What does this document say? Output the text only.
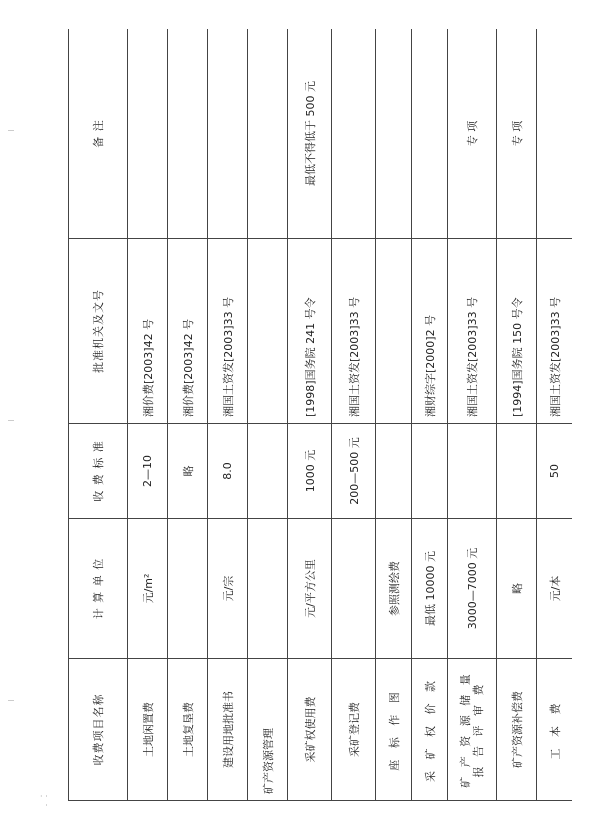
收费项目名称	计 算 单 位	收 费 标 准	批准机关及文号	备 注
土地闲置费	元/m²	2—10	湘价费[2003]42 号	
土地复垦费		略	湘价费[2003]42 号	
建设用地批准书	元/宗	8.0	湘国土资发[2003]33 号	
矿产资源管理				
采矿权使用费	元/平方公里	1000 元	[1998]国务院 241 号令	最低不得低于 500 元
采矿登记费		200—500 元	湘国土资发[2003]33 号	
座 标 作 图	参照测绘费			
采 矿 权 价 款	最低 10000 元		湘财综字[2000]2 号	
矿 产 资 源 储 量 报 告 评 审 费	3000—7000 元		湘国土资发[2003]33 号	专 项
矿产资源补偿费	略		[1994]国务院 150 号令	专 项
工 本 费	元/本	50	湘国土资发[2003]33 号	
· ·
·
